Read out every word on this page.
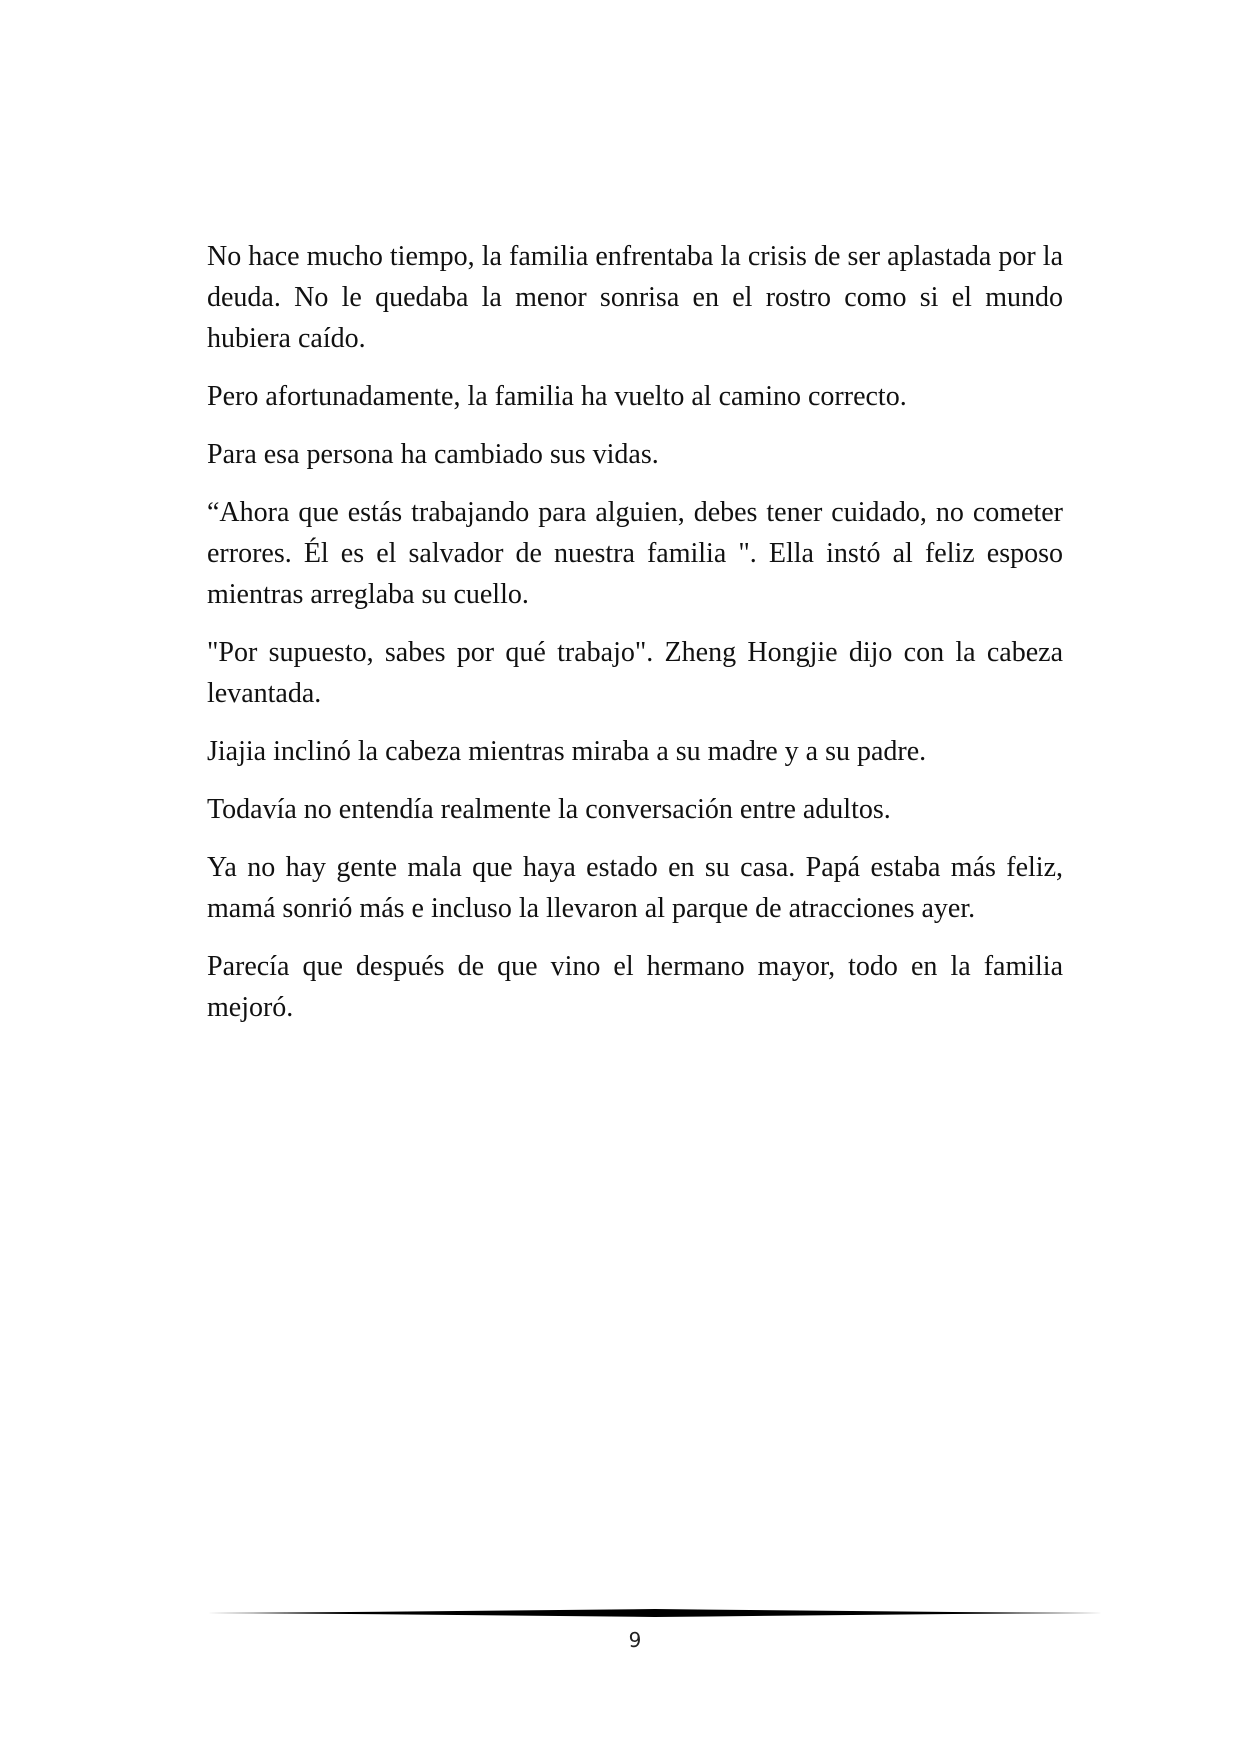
No hace mucho tiempo, la familia enfrentaba la crisis de ser aplastada por la deuda. No le quedaba la menor sonrisa en el rostro como si el mundo hubiera caído.

Pero afortunadamente, la familia ha vuelto al camino correcto.

Para esa persona ha cambiado sus vidas.

“Ahora que estás trabajando para alguien, debes tener cuidado, no cometer errores. Él es el salvador de nuestra familia ". Ella instó al feliz esposo mientras arreglaba su cuello.

"Por supuesto, sabes por qué trabajo". Zheng Hongjie dijo con la cabeza levantada.

Jiajia inclinó la cabeza mientras miraba a su madre y a su padre.

Todavía no entendía realmente la conversación entre adultos.

Ya no hay gente mala que haya estado en su casa. Papá estaba más feliz, mamá sonrió más e incluso la llevaron al parque de atracciones ayer.

Parecía que después de que vino el hermano mayor, todo en la familia mejoró.

9
